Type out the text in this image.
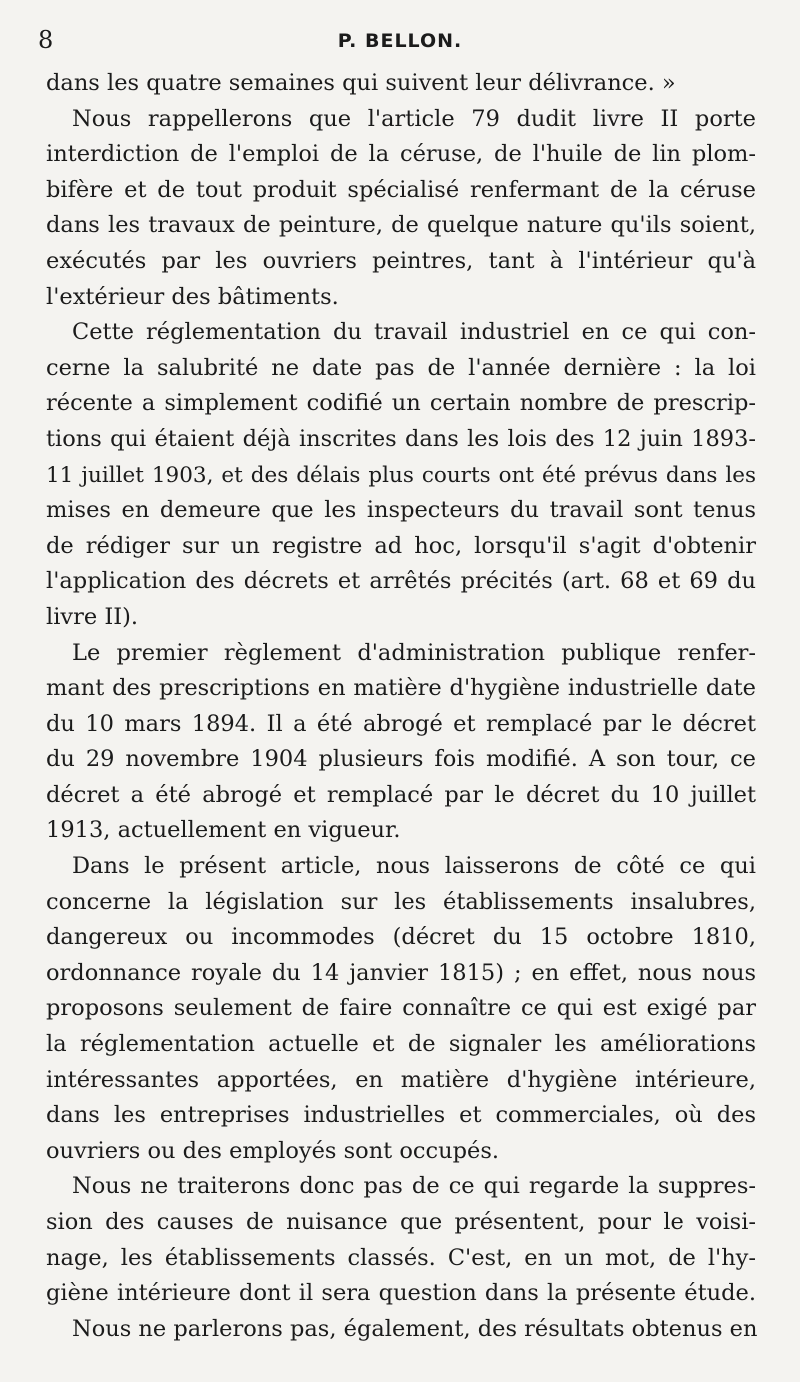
8	P. BELLON.
dans les quatre semaines qui suivent leur délivrance. »
Nous rappellerons que l'article 79 dudit livre II porte
interdiction de l'emploi de la céruse, de l'huile de lin plom-
bifère et de tout produit spécialisé renfermant de la céruse
dans les travaux de peinture, de quelque nature qu'ils soient,
exécutés par les ouvriers peintres, tant à l'intérieur qu'à
l'extérieur des bâtiments.
Cette réglementation du travail industriel en ce qui con-
cerne la salubrité ne date pas de l'année dernière : la loi
récente a simplement codifié un certain nombre de prescrip-
tions qui étaient déjà inscrites dans les lois des 12 juin 1893-
11 juillet 1903, et des délais plus courts ont été prévus dans les
mises en demeure que les inspecteurs du travail sont tenus
de rédiger sur un registre ad hoc, lorsqu'il s'agit d'obtenir
l'application des décrets et arrêtés précités (art. 68 et 69 du
livre II).
Le premier règlement d'administration publique renfer-
mant des prescriptions en matière d'hygiène industrielle date
du 10 mars 1894. Il a été abrogé et remplacé par le décret
du 29 novembre 1904 plusieurs fois modifié. A son tour, ce
décret a été abrogé et remplacé par le décret du 10 juillet
1913, actuellement en vigueur.
Dans le présent article, nous laisserons de côté ce qui
concerne la législation sur les établissements insalubres,
dangereux ou incommodes (décret du 15 octobre 1810,
ordonnance royale du 14 janvier 1815) ; en effet, nous nous
proposons seulement de faire connaître ce qui est exigé par
la réglementation actuelle et de signaler les améliorations
intéressantes apportées, en matière d'hygiène intérieure,
dans les entreprises industrielles et commerciales, où des
ouvriers ou des employés sont occupés.
Nous ne traiterons donc pas de ce qui regarde la suppres-
sion des causes de nuisance que présentent, pour le voisi-
nage, les établissements classés. C'est, en un mot, de l'hy-
giène intérieure dont il sera question dans la présente étude.
Nous ne parlerons pas, également, des résultats obtenus en
